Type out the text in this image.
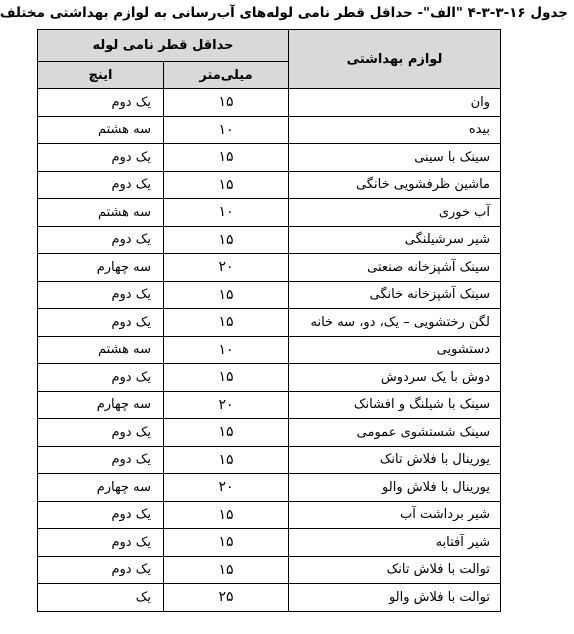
جدول ۱۶-۳-۳-۴ "الف"- حداقل قطر نامی لوله‌های آب‌رسانی به لوازم بهداشتی مختلف
لوازم بهداشتی	حداقل قطر نامی لوله	
	میلی‌متر	اینچ
وان	۱۵	یک دوم
بیده	۱۰	سه هشتم
سینک با سینی	۱۵	یک دوم
ماشین ظرفشویی خانگی	۱۵	یک دوم
آب خوری	۱۰	سه هشتم
شیر سرشیلنگی	۱۵	یک دوم
سینک آشپزخانه صنعتی	۲۰	سه چهارم
سینک آشپزخانه خانگی	۱۵	یک دوم
لگن رختشویی – یک، دو، سه خانه	۱۵	یک دوم
دستشویی	۱۰	سه هشتم
دوش با یک سردوش	۱۵	یک دوم
سینک با شیلنگ و افشانک	۲۰	سه چهارم
سینک شستشوی عمومی	۱۵	یک دوم
یورینال با فلاش تانک	۱۵	یک دوم
یورینال با فلاش والو	۲۰	سه چهارم
شیر برداشت آب	۱۵	یک دوم
شیر آفتابه	۱۵	یک دوم
توالت با فلاش تانک	۱۵	یک دوم
توالت با فلاش والو	۲۵	یک
